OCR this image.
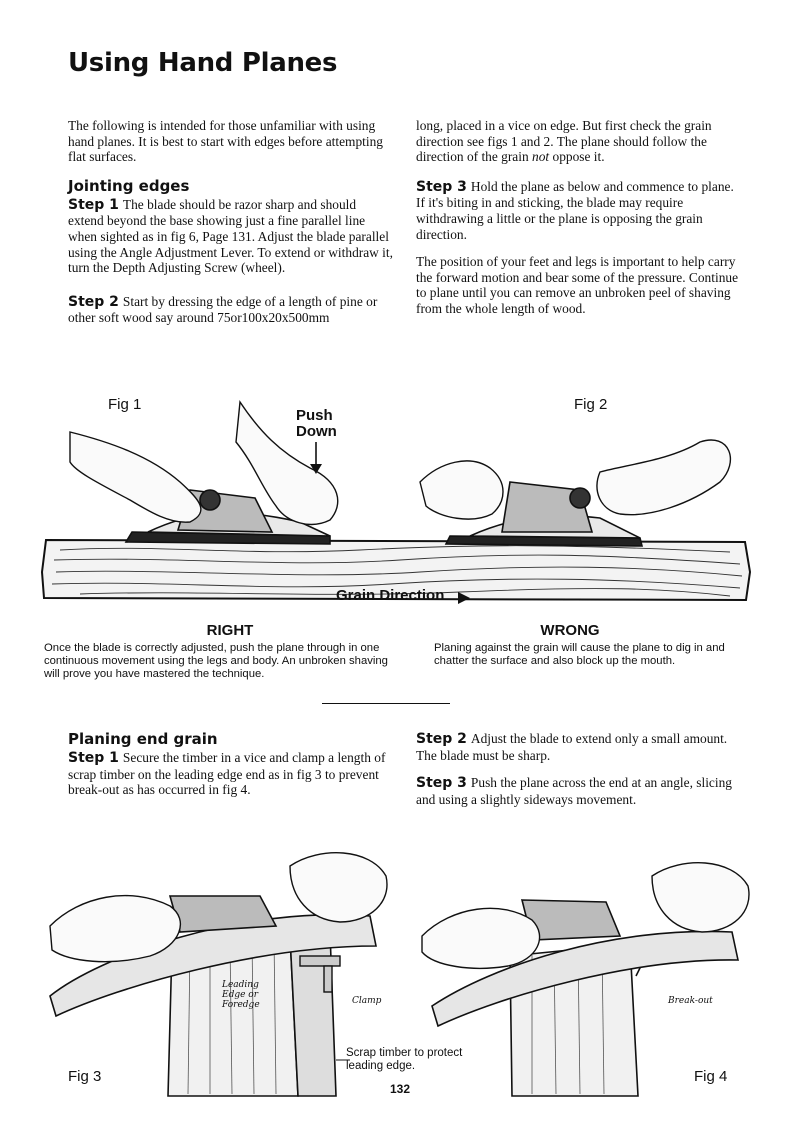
Using Hand Planes

The following is intended for those unfamiliar with using hand planes. It is best to start with edges before attempting flat surfaces.

Jointing edges

Step 1 The blade should be razor sharp and should extend beyond the base showing just a fine parallel line when sighted as in fig 6, Page 131. Adjust the blade parallel using the Angle Adjustment Lever. To extend or withdraw it, turn the Depth Adjusting Screw (wheel).

Step 2 Start by dressing the edge of a length of pine or other soft wood say around 75or100x20x500mm

long, placed in a vice on edge. But first check the grain direction see figs 1 and 2. The plane should follow the direction of the grain not oppose it.

Step 3 Hold the plane as below and commence to plane. If it's biting in and sticking, the blade may require withdrawing a little or the plane is opposing the grain direction.

The position of your feet and legs is important to help carry the forward motion and bear some of the pressure. Continue to plane until you can remove an unbroken peel of shaving from the whole length of wood.

Fig 1	Fig 2
Push Down
Grain Direction
RIGHT
Once the blade is correctly adjusted, push the plane through in one continuous movement using the legs and body. An unbroken shaving will prove you have mastered the technique.
WRONG
Planing against the grain will cause the plane to dig in and chatter the surface and also block up the mouth.
Planing end grain

Step 1 Secure the timber in a vice and clamp a length of scrap timber on the leading edge end as in fig 3 to prevent break-out as has occurred in fig 4.

Step 2 Adjust the blade to extend only a small amount. The blade must be sharp.

Step 3 Push the plane across the end at an angle, slicing and using a slightly sideways movement.

Leading Edge or Foredge	Clamp
Scrap timber to protect leading edge.
Fig 3
Break-out
Fig 4
132
